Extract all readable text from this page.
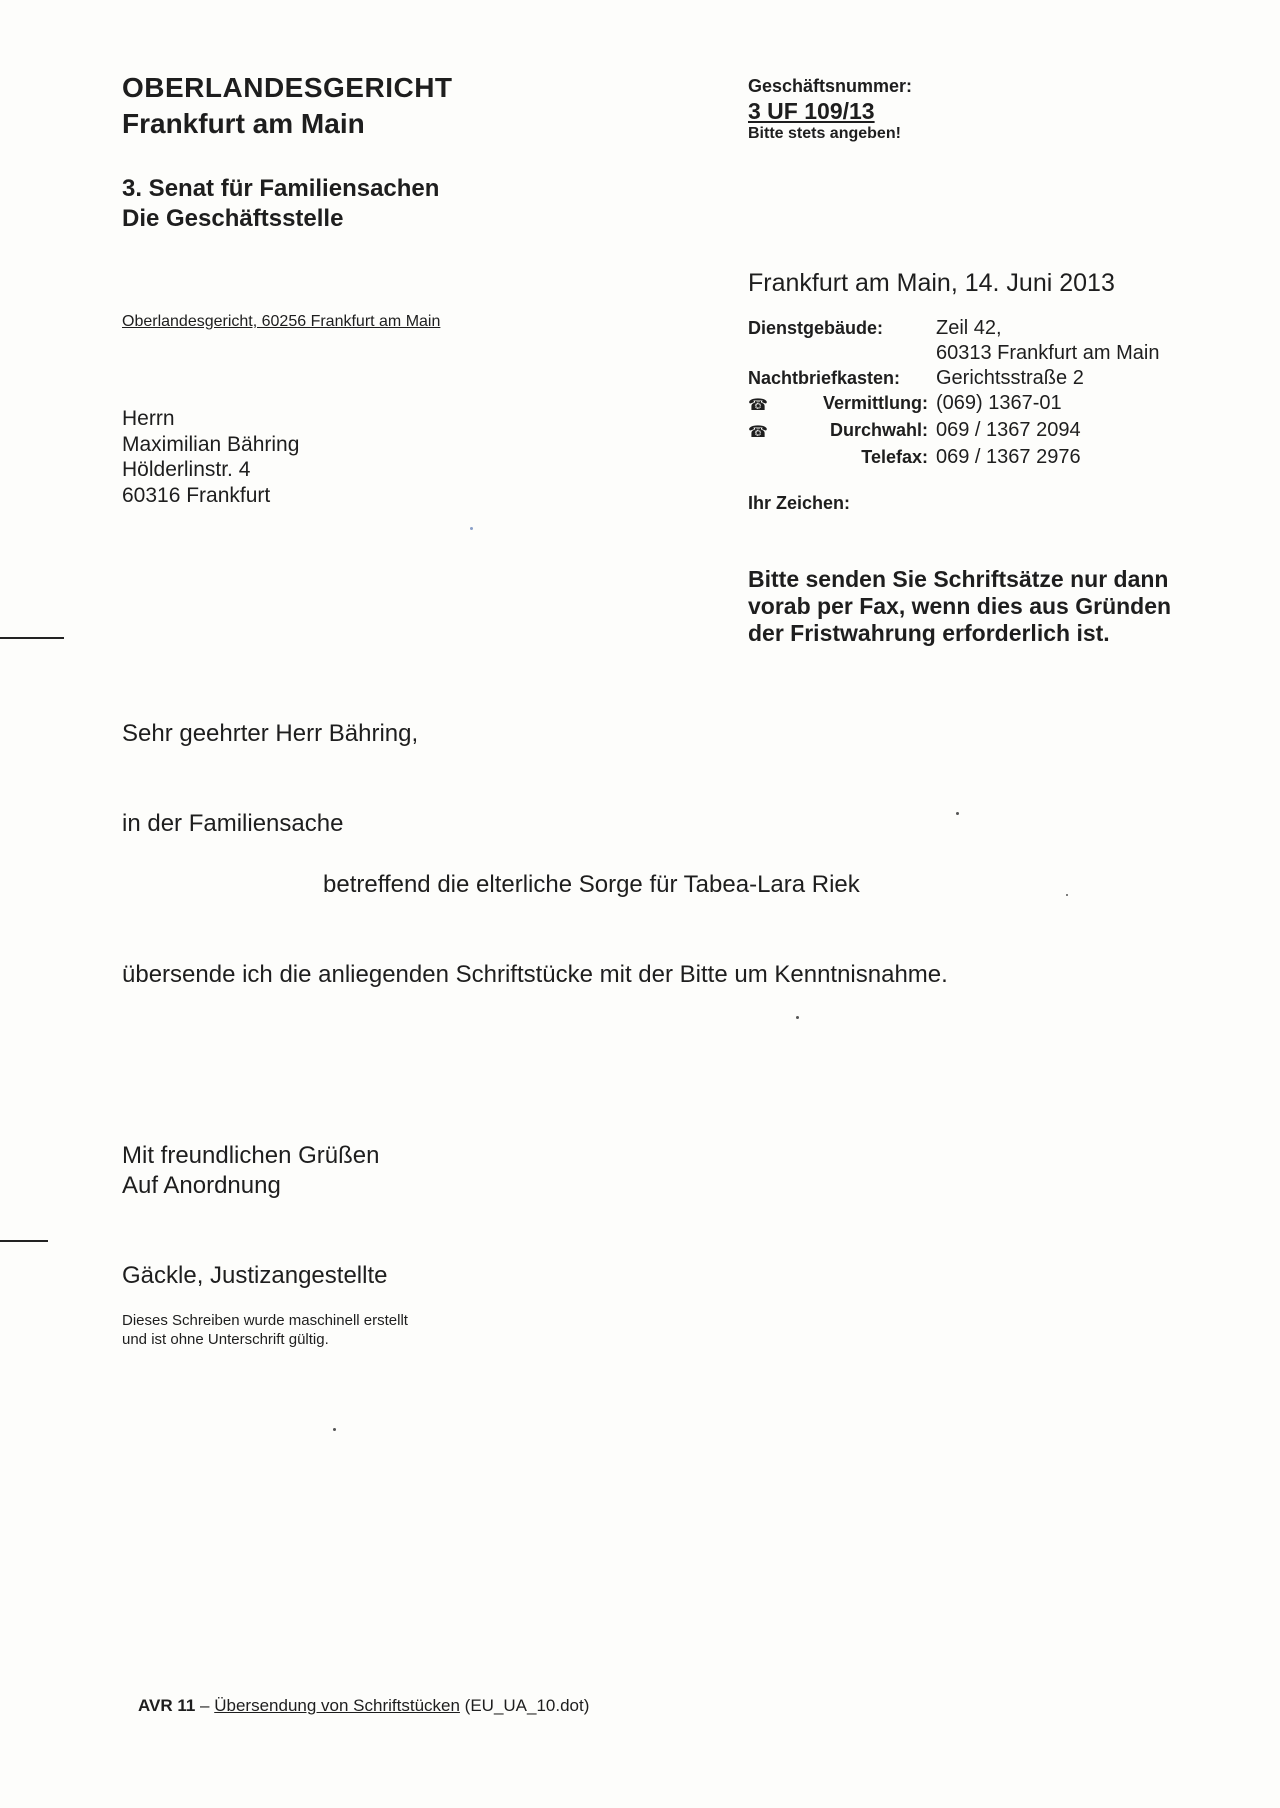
OBERLANDESGERICHT
Frankfurt am Main
3. Senat für Familiensachen
Die Geschäftsstelle
Geschäftsnummer:
3 UF 109/13
Bitte stets angeben!
Oberlandesgericht, 60256 Frankfurt am Main
Herrn
Maximilian Bähring
Hölderlinstr. 4
60316 Frankfurt
Frankfurt am Main, 14. Juni 2013
Dienstgebäude:	Zeil 42,
	60313 Frankfurt am Main
Nachtbriefkasten:	Gerichtsstraße 2

☎ Vermittlung:	(069) 1367-01

☎ Durchwahl:	069 / 1367 2094
Telefax:	069 / 1367 2976
Ihr Zeichen:
Bitte senden Sie Schriftsätze nur dann
vorab per Fax, wenn dies aus Gründen
der Fristwahrung erforderlich ist.
Sehr geehrter Herr Bähring,
in der Familiensache
betreffend die elterliche Sorge für Tabea-Lara Riek
übersende ich die anliegenden Schriftstücke mit der Bitte um Kenntnisnahme.
Mit freundlichen Grüßen
Auf Anordnung
Gäckle, Justizangestellte
Dieses Schreiben wurde maschinell erstellt
und ist ohne Unterschrift gültig.
AVR 11 – Übersendung von Schriftstücken (EU_UA_10.dot)
